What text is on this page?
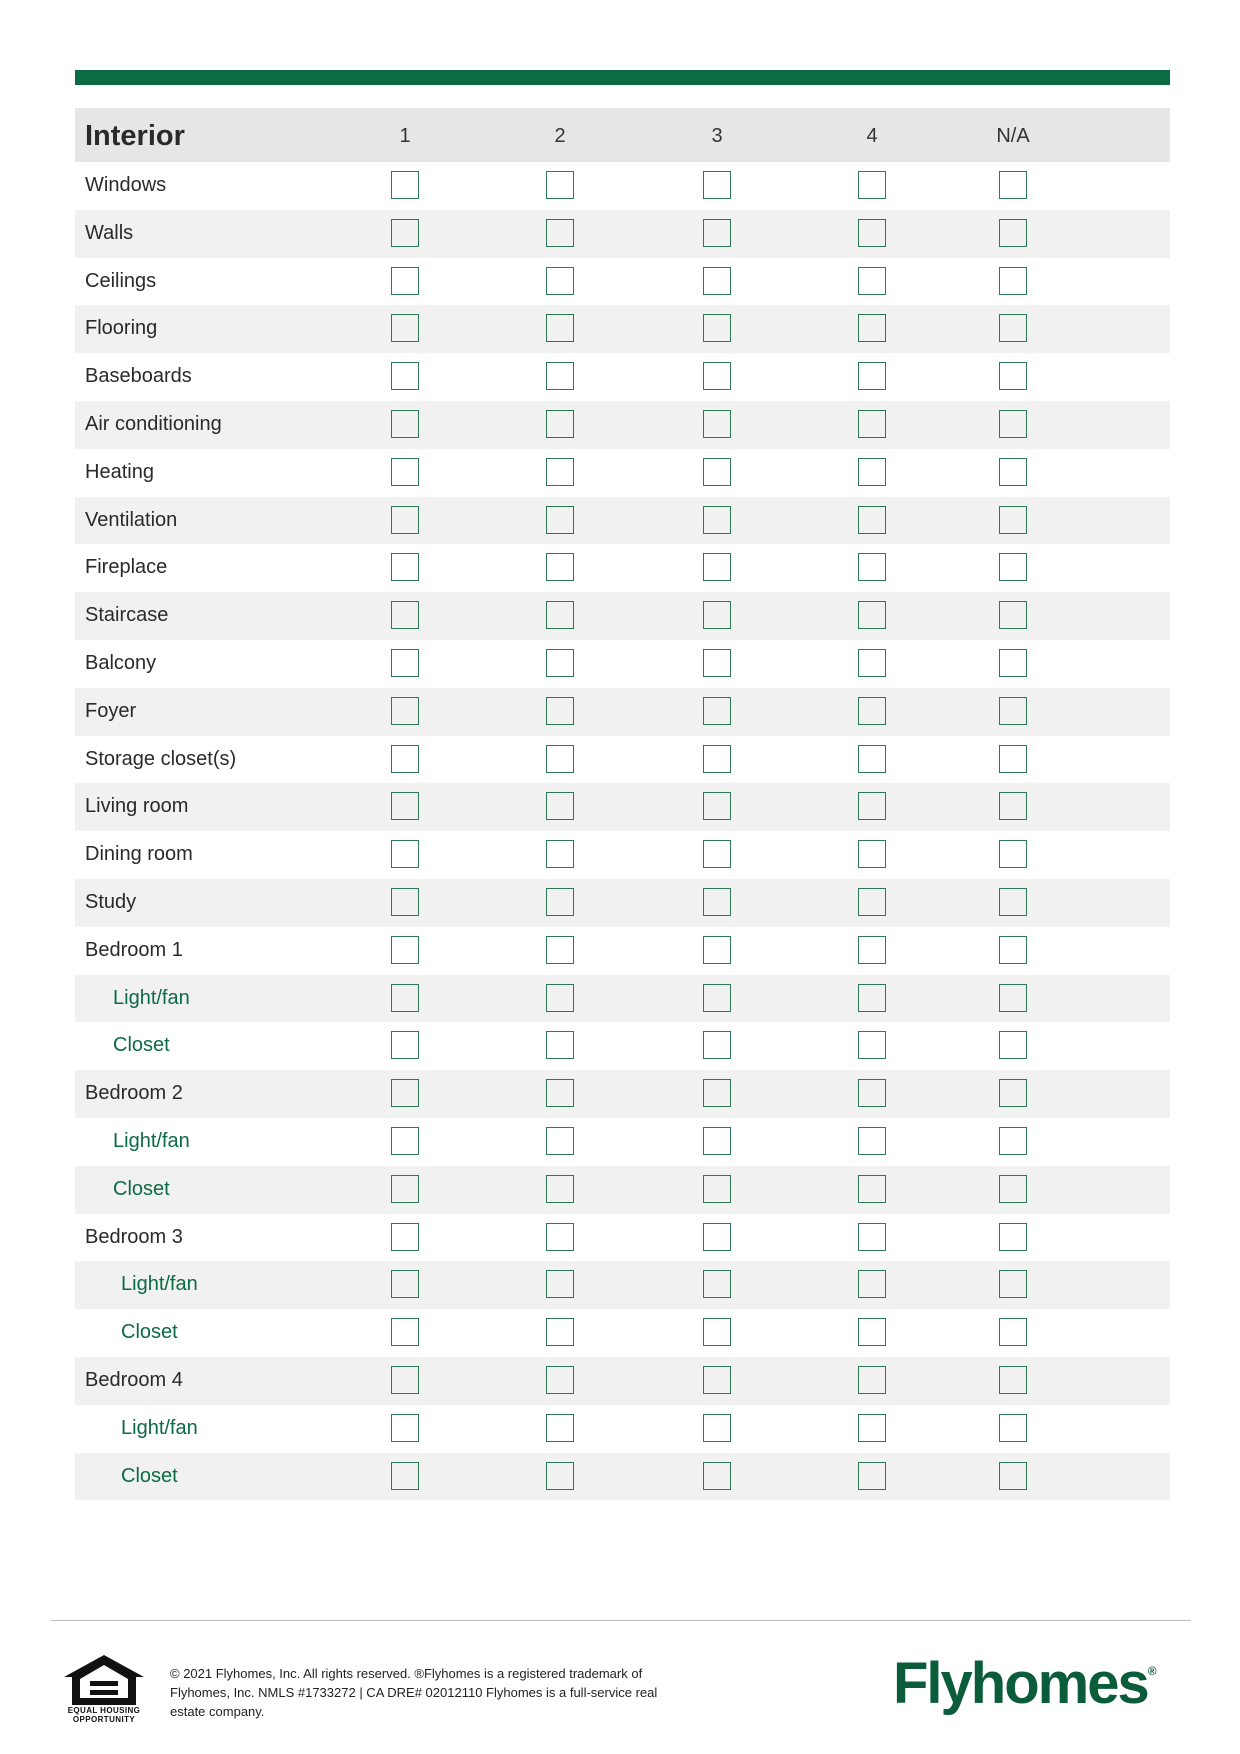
Interior	1	2	3	4	N/A
Windows
Walls
Ceilings
Flooring
Baseboards
Air conditioning
Heating
Ventilation
Fireplace
Staircase
Balcony
Foyer
Storage closet(s)
Living room
Dining room
Study
Bedroom 1
Light/fan
Closet
Bedroom 2
Light/fan
Closet
Bedroom 3
Light/fan
Closet
Bedroom 4
Light/fan
Closet
EQUAL HOUSING
OPPORTUNITY
© 2021 Flyhomes, Inc. All rights reserved. ®Flyhomes is a registered trademark of Flyhomes, Inc. NMLS #1733272 | CA DRE# 02012110 Flyhomes is a full-service real estate company.	Flyhomes®
